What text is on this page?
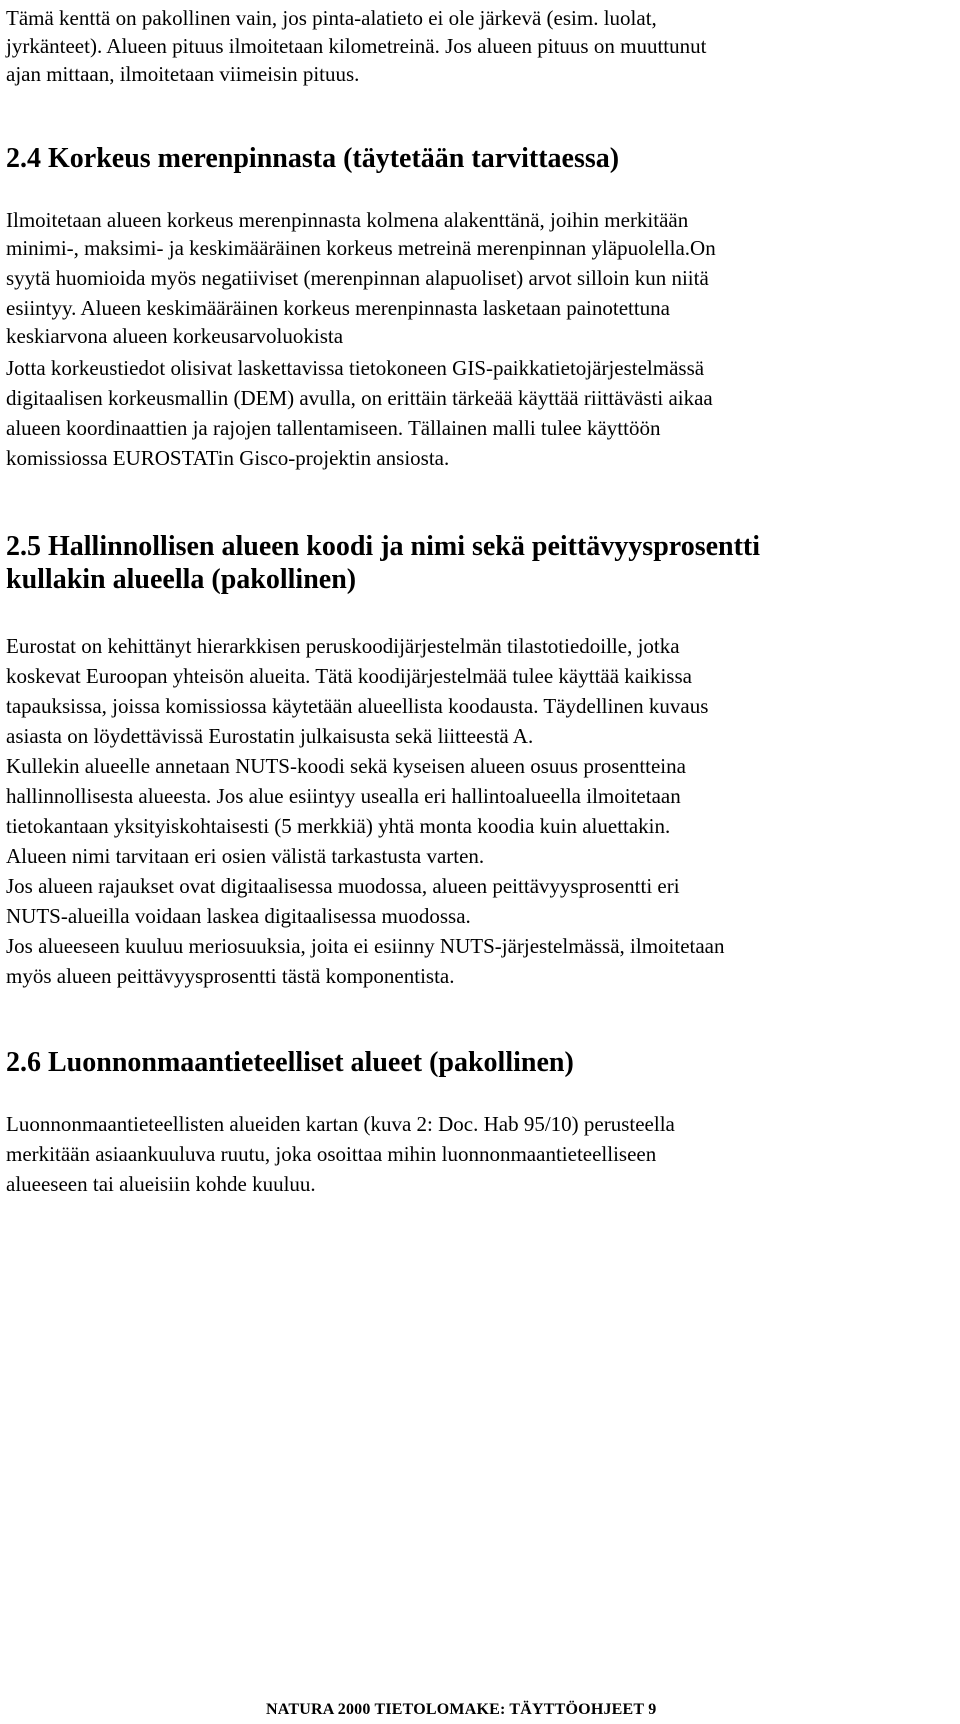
Tämä kenttä on pakollinen vain, jos pinta-alatieto ei ole järkevä (esim. luolat,
jyrkänteet). Alueen pituus ilmoitetaan kilometreinä. Jos alueen pituus on muuttunut
ajan mittaan, ilmoitetaan viimeisin pituus.
2.4 Korkeus merenpinnasta (täytetään tarvittaessa)
Ilmoitetaan alueen korkeus merenpinnasta kolmena alakenttänä, joihin merkitään
minimi-, maksimi- ja keskimääräinen korkeus metreinä merenpinnan yläpuolella.On
syytä huomioida myös negatiiviset (merenpinnan alapuoliset) arvot silloin kun niitä
esiintyy. Alueen keskimääräinen korkeus merenpinnasta lasketaan painotettuna
keskiarvona alueen korkeusarvoluokista
Jotta korkeustiedot olisivat laskettavissa tietokoneen GIS-paikkatietojärjestelmässä
digitaalisen korkeusmallin (DEM) avulla, on erittäin tärkeää käyttää riittävästi aikaa
alueen koordinaattien ja rajojen tallentamiseen. Tällainen malli tulee käyttöön
komissiossa EUROSTATin Gisco-projektin ansiosta.
2.5 Hallinnollisen alueen koodi ja nimi sekä peittävyysprosentti
kullakin alueella (pakollinen)
Eurostat on kehittänyt hierarkkisen peruskoodijärjestelmän tilastotiedoille, jotka
koskevat Euroopan yhteisön alueita. Tätä koodijärjestelmää tulee käyttää kaikissa
tapauksissa, joissa komissiossa käytetään alueellista koodausta. Täydellinen kuvaus
asiasta on löydettävissä Eurostatin julkaisusta sekä liitteestä A.
Kullekin alueelle annetaan NUTS-koodi sekä kyseisen alueen osuus prosentteina
hallinnollisesta alueesta. Jos alue esiintyy usealla eri hallintoalueella ilmoitetaan
tietokantaan yksityiskohtaisesti (5 merkkiä) yhtä monta koodia kuin aluettakin.
Alueen nimi tarvitaan eri osien välistä tarkastusta varten.
Jos alueen rajaukset ovat digitaalisessa muodossa, alueen peittävyysprosentti eri
NUTS-alueilla voidaan laskea digitaalisessa muodossa.
Jos alueeseen kuuluu meriosuuksia, joita ei esiinny NUTS-järjestelmässä, ilmoitetaan
myös alueen peittävyysprosentti tästä komponentista.
2.6 Luonnonmaantieteelliset alueet (pakollinen)
Luonnonmaantieteellisten alueiden kartan (kuva 2: Doc. Hab 95/10) perusteella
merkitään asiaankuuluva ruutu, joka osoittaa mihin luonnonmaantieteelliseen
alueeseen tai alueisiin kohde kuuluu.
NATURA 2000 TIETOLOMAKE: TÄYTTÖOHJEET 9
